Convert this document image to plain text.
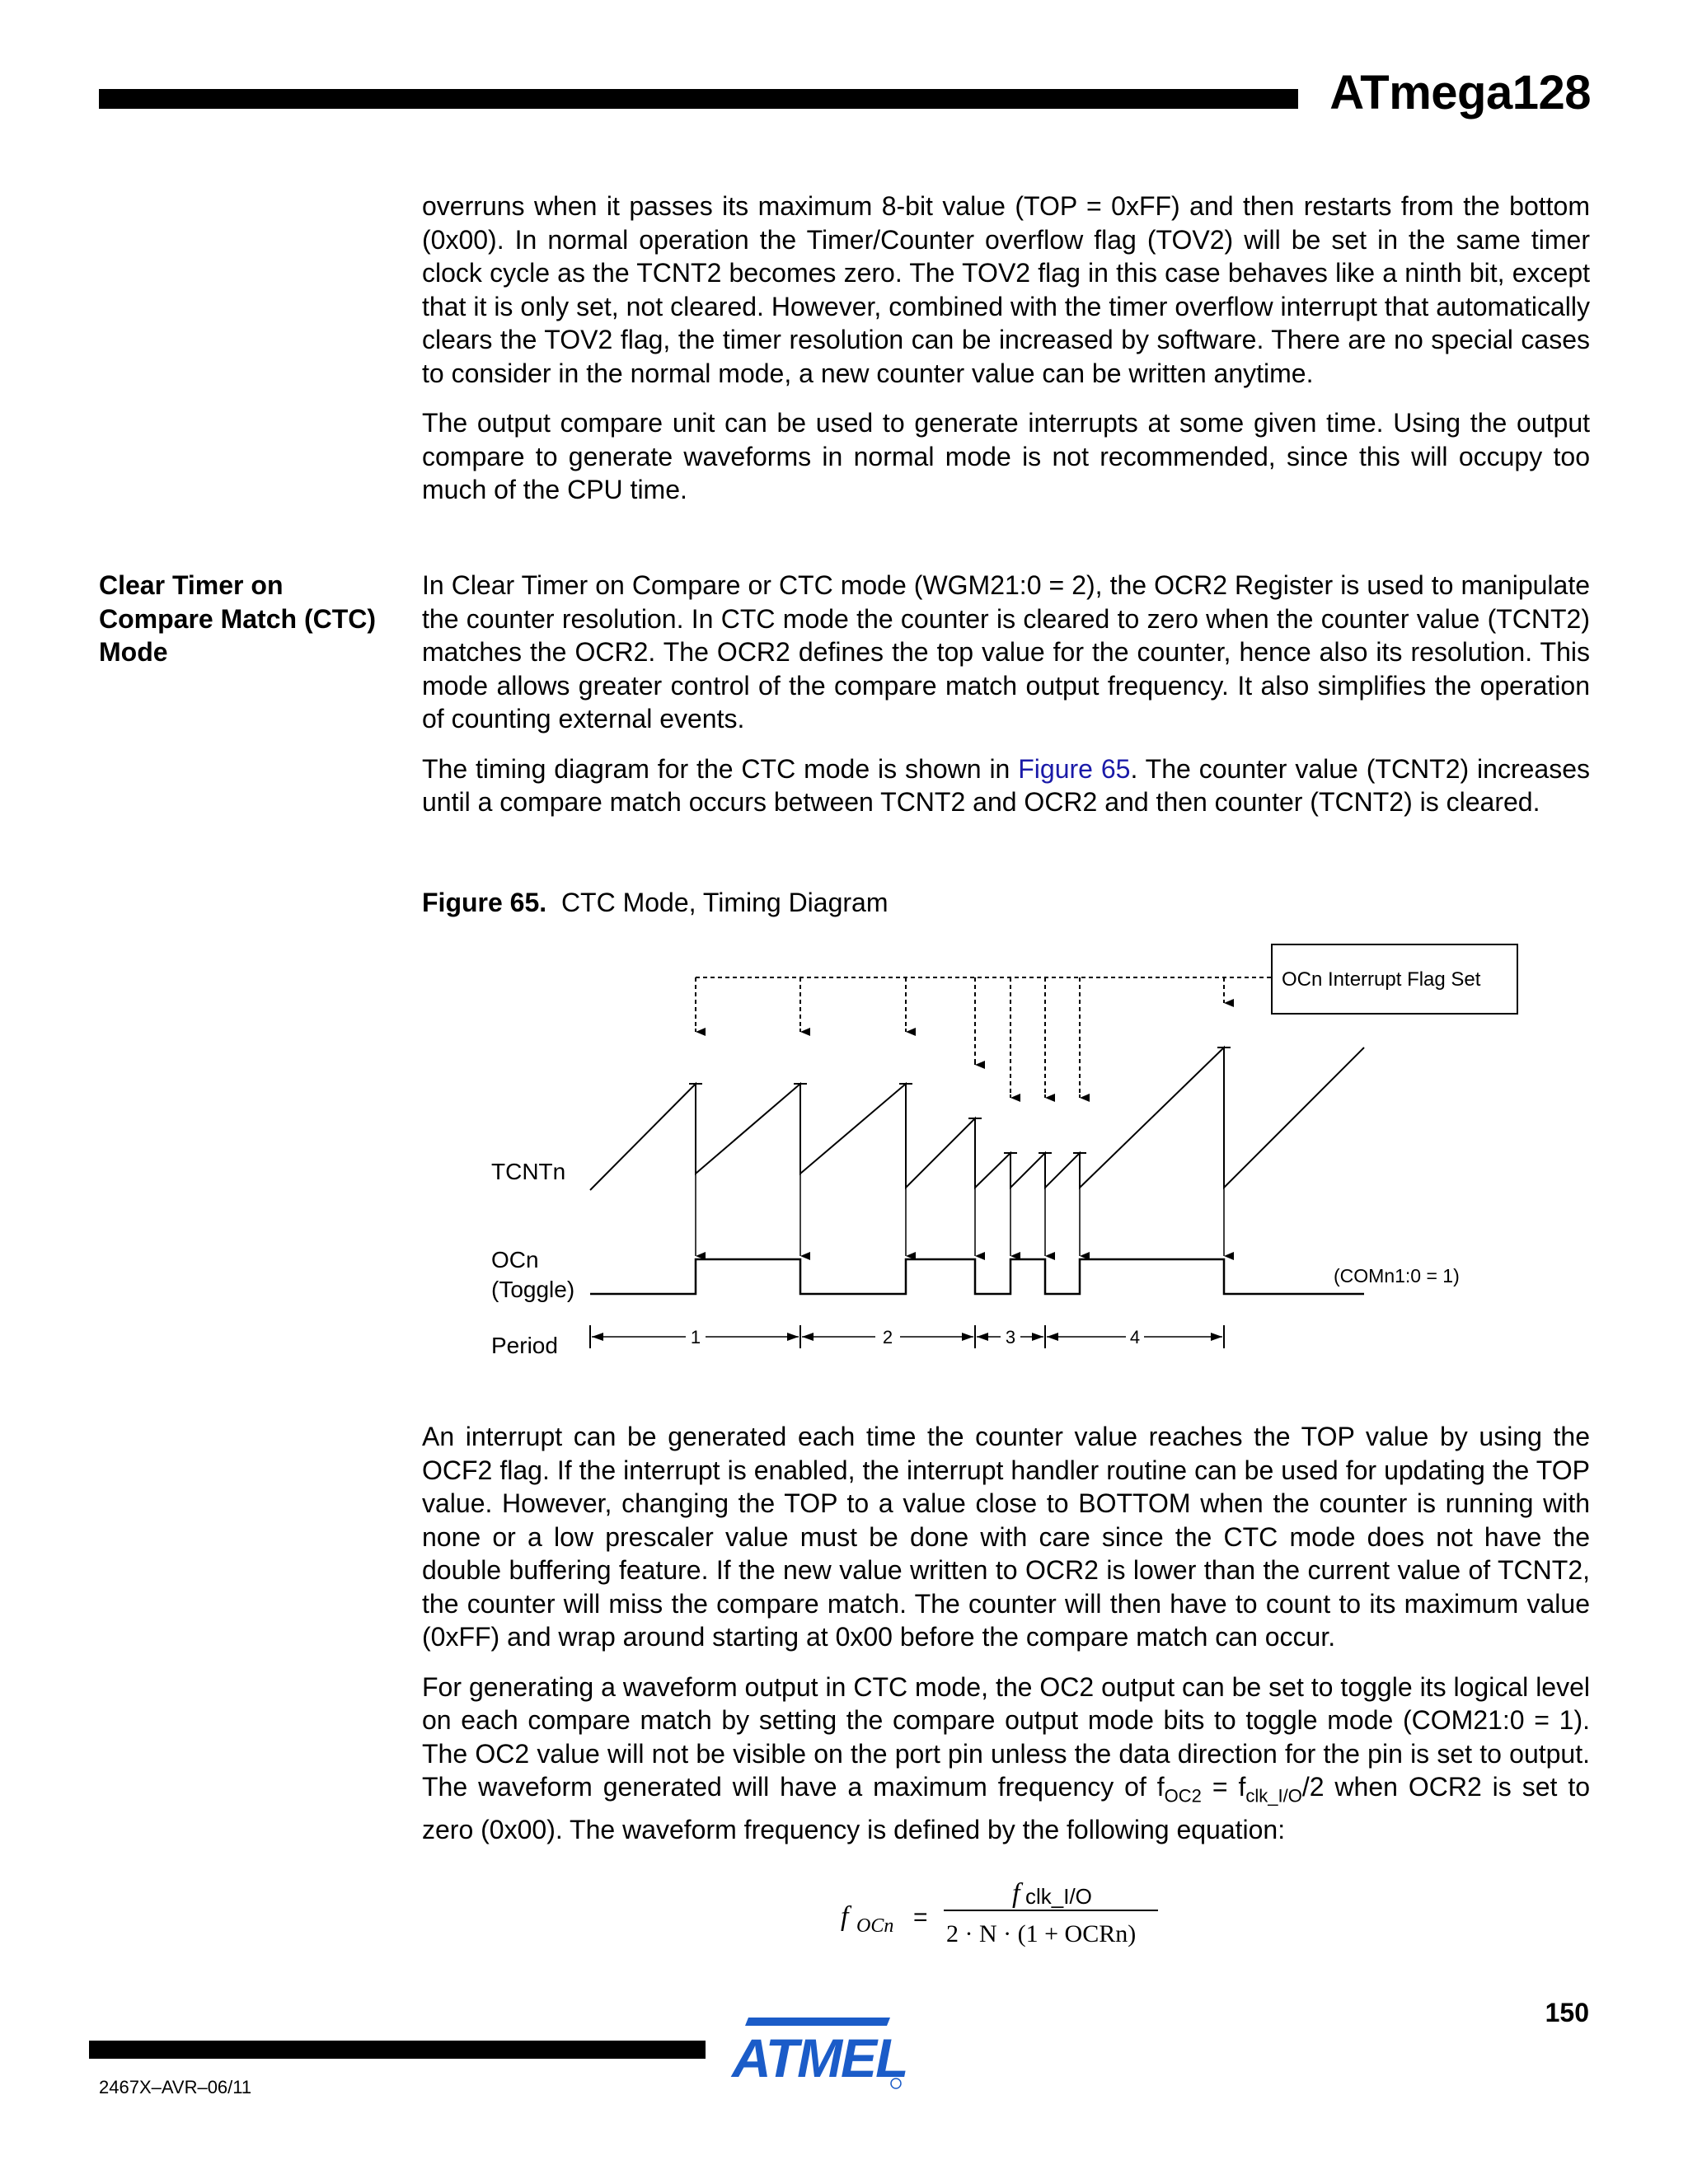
ATmega128

overruns when it passes its maximum 8-bit value (TOP = 0xFF) and then restarts from the bottom (0x00). In normal operation the Timer/Counter overflow flag (TOV2) will be set in the same timer clock cycle as the TCNT2 becomes zero. The TOV2 flag in this case behaves like a ninth bit, except that it is only set, not cleared. However, combined with the timer overflow interrupt that automatically clears the TOV2 flag, the timer resolution can be increased by software. There are no special cases to consider in the normal mode, a new counter value can be written anytime.

The output compare unit can be used to generate interrupts at some given time. Using the output compare to generate waveforms in normal mode is not recommended, since this will occupy too much of the CPU time.

Clear Timer on
Compare Match (CTC)
Mode

In Clear Timer on Compare or CTC mode (WGM21:0 = 2), the OCR2 Register is used to manipulate the counter resolution. In CTC mode the counter is cleared to zero when the counter value (TCNT2) matches the OCR2. The OCR2 defines the top value for the counter, hence also its resolution. This mode allows greater control of the compare match output frequency. It also simplifies the operation of counting external events.

The timing diagram for the CTC mode is shown in Figure 65. The counter value (TCNT2) increases until a compare match occurs between TCNT2 and OCR2 and then counter (TCNT2) is cleared.

Figure 65. CTC Mode, Timing Diagram
OCn Interrupt Flag Set
1	2	3	4
TCNTn
OCn
(Toggle)
Period
(COMn1:0 = 1)

An interrupt can be generated each time the counter value reaches the TOP value by using the OCF2 flag. If the interrupt is enabled, the interrupt handler routine can be used for updating the TOP value. However, changing the TOP to a value close to BOTTOM when the counter is running with none or a low prescaler value must be done with care since the CTC mode does not have the double buffering feature. If the new value written to OCR2 is lower than the current value of TCNT2, the counter will miss the compare match. The counter will then have to count to its maximum value (0xFF) and wrap around starting at 0x00 before the compare match can occur.

For generating a waveform output in CTC mode, the OC2 output can be set to toggle its logical level on each compare match by setting the compare output mode bits to toggle mode (COM21:0 = 1). The OC2 value will not be visible on the port pin unless the data direction for the pin is set to output. The waveform generated will have a maximum frequency of $f_{OC2} = f_{clk\_I/O}/2$ when OCR2 is set to zero (0x00). The waveform frequency is defined by the following equation:

f OCn =
f clk_I/O
2 · N · (1 + OCRn)
2467X–AVR–06/11
150
ATMEL
